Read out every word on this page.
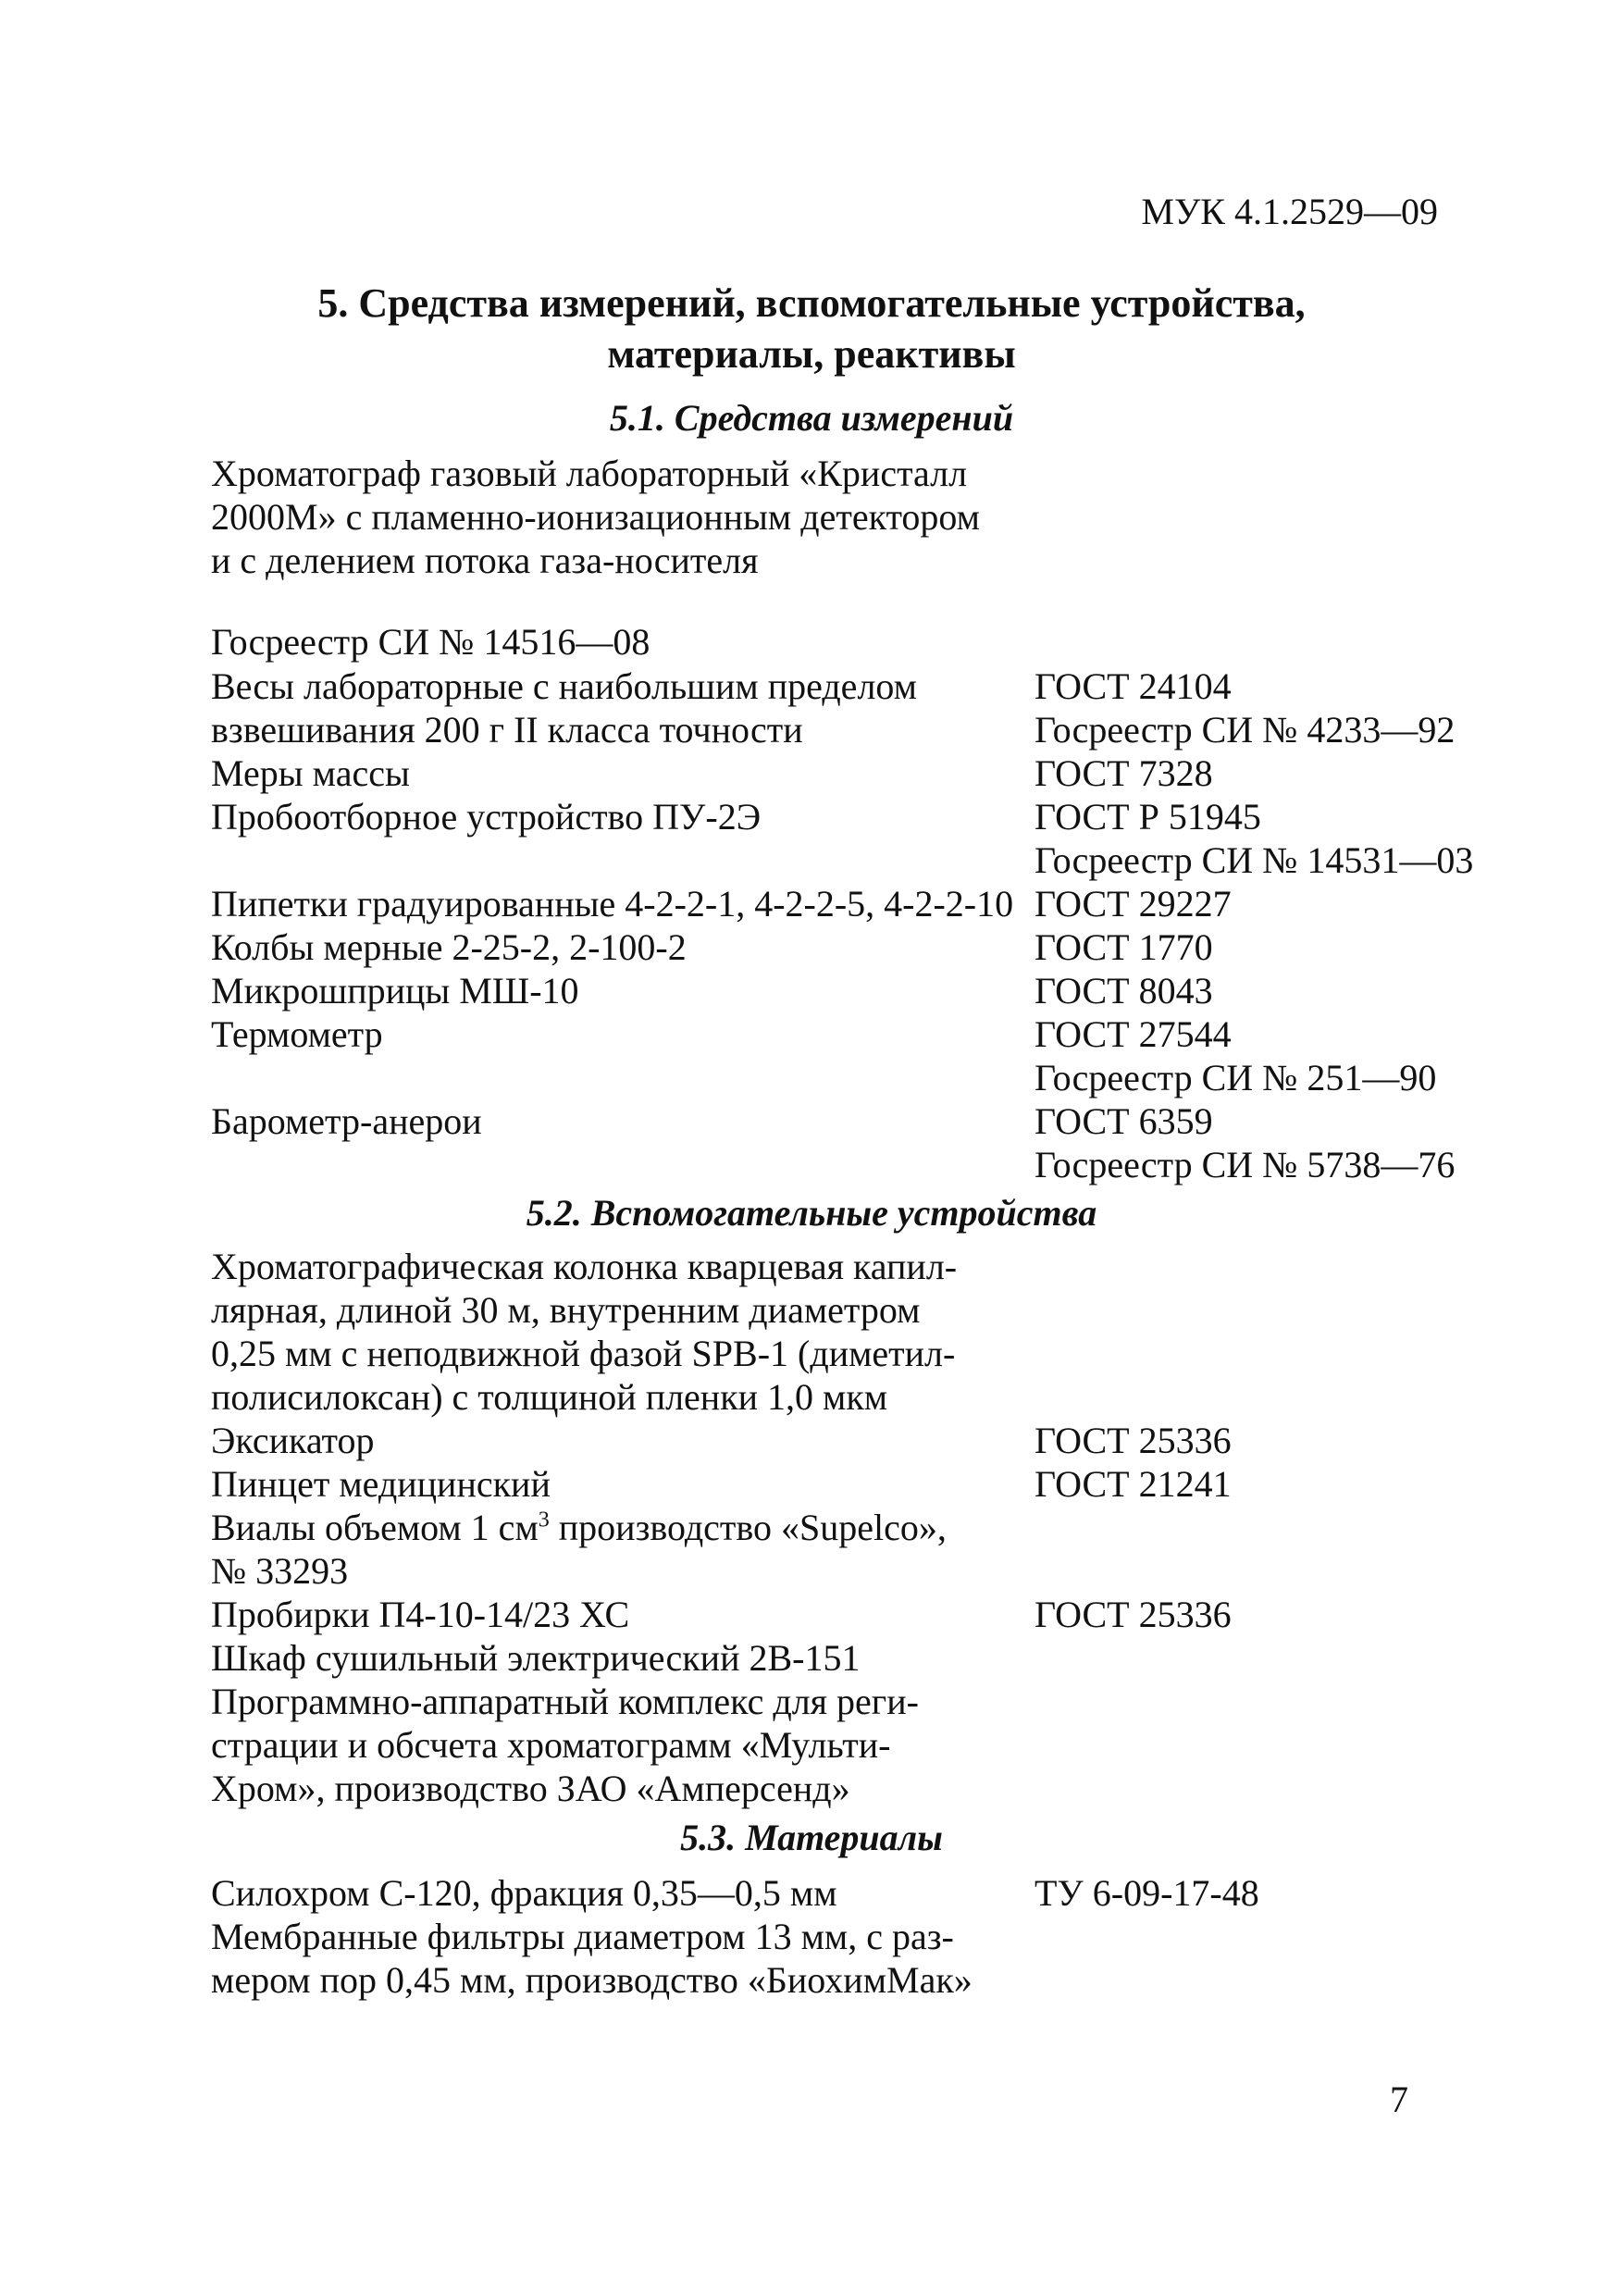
МУК 4.1.2529—09
5. Средства измерений, вспомогательные устройства,
материалы, реактивы
5.1. Средства измерений
Хроматограф газовый лабораторный «Кристалл
2000М» с пламенно-ионизационным детектором
и с делением потока газа-носителя
Госреестр СИ № 14516—08
Весы лабораторные с наибольшим пределом	ГОСТ 24104
взвешивания 200 г II класса точности	Госреестр СИ № 4233—92
Меры массы	ГОСТ 7328
Пробоотборное устройство ПУ-2Э	ГОСТ Р 51945
Госреестр СИ № 14531—03
Пипетки градуированные 4-2-2-1, 4-2-2-5, 4-2-2-10 ГОСТ 29227
Колбы мерные 2-25-2, 2-100-2	ГОСТ 1770
Микрошприцы МШ-10	ГОСТ 8043
Термометр	ГОСТ 27544
Госреестр СИ № 251—90
Барометр-анерои	ГОСТ 6359
Госреестр СИ № 5738—76
5.2. Вспомогательные устройства
Хроматографическая колонка кварцевая капил-
лярная, длиной 30 м, внутренним диаметром
0,25 мм с неподвижной фазой SPB-1 (диметил-
полисилоксан) с толщиной пленки 1,0 мкм
Эксикатор	ГОСТ 25336
Пинцет медицинский	ГОСТ 21241
Виалы объемом 1 $см^3$ производство «Supelco»,
№ 33293
Пробирки П4-10-14/23 ХС	ГОСТ 25336
Шкаф сушильный электрический 2В-151
Программно-аппаратный комплекс для реги-
страции и обсчета хроматограмм «Мульти-
Хром», производство ЗАО «Амперсенд»
5.3. Материалы
Силохром С-120, фракция 0,35—0,5 мм	ТУ 6-09-17-48
Мембранные фильтры диаметром 13 мм, с раз-
мером пор 0,45 мм, производство «БиохимМак»
7
